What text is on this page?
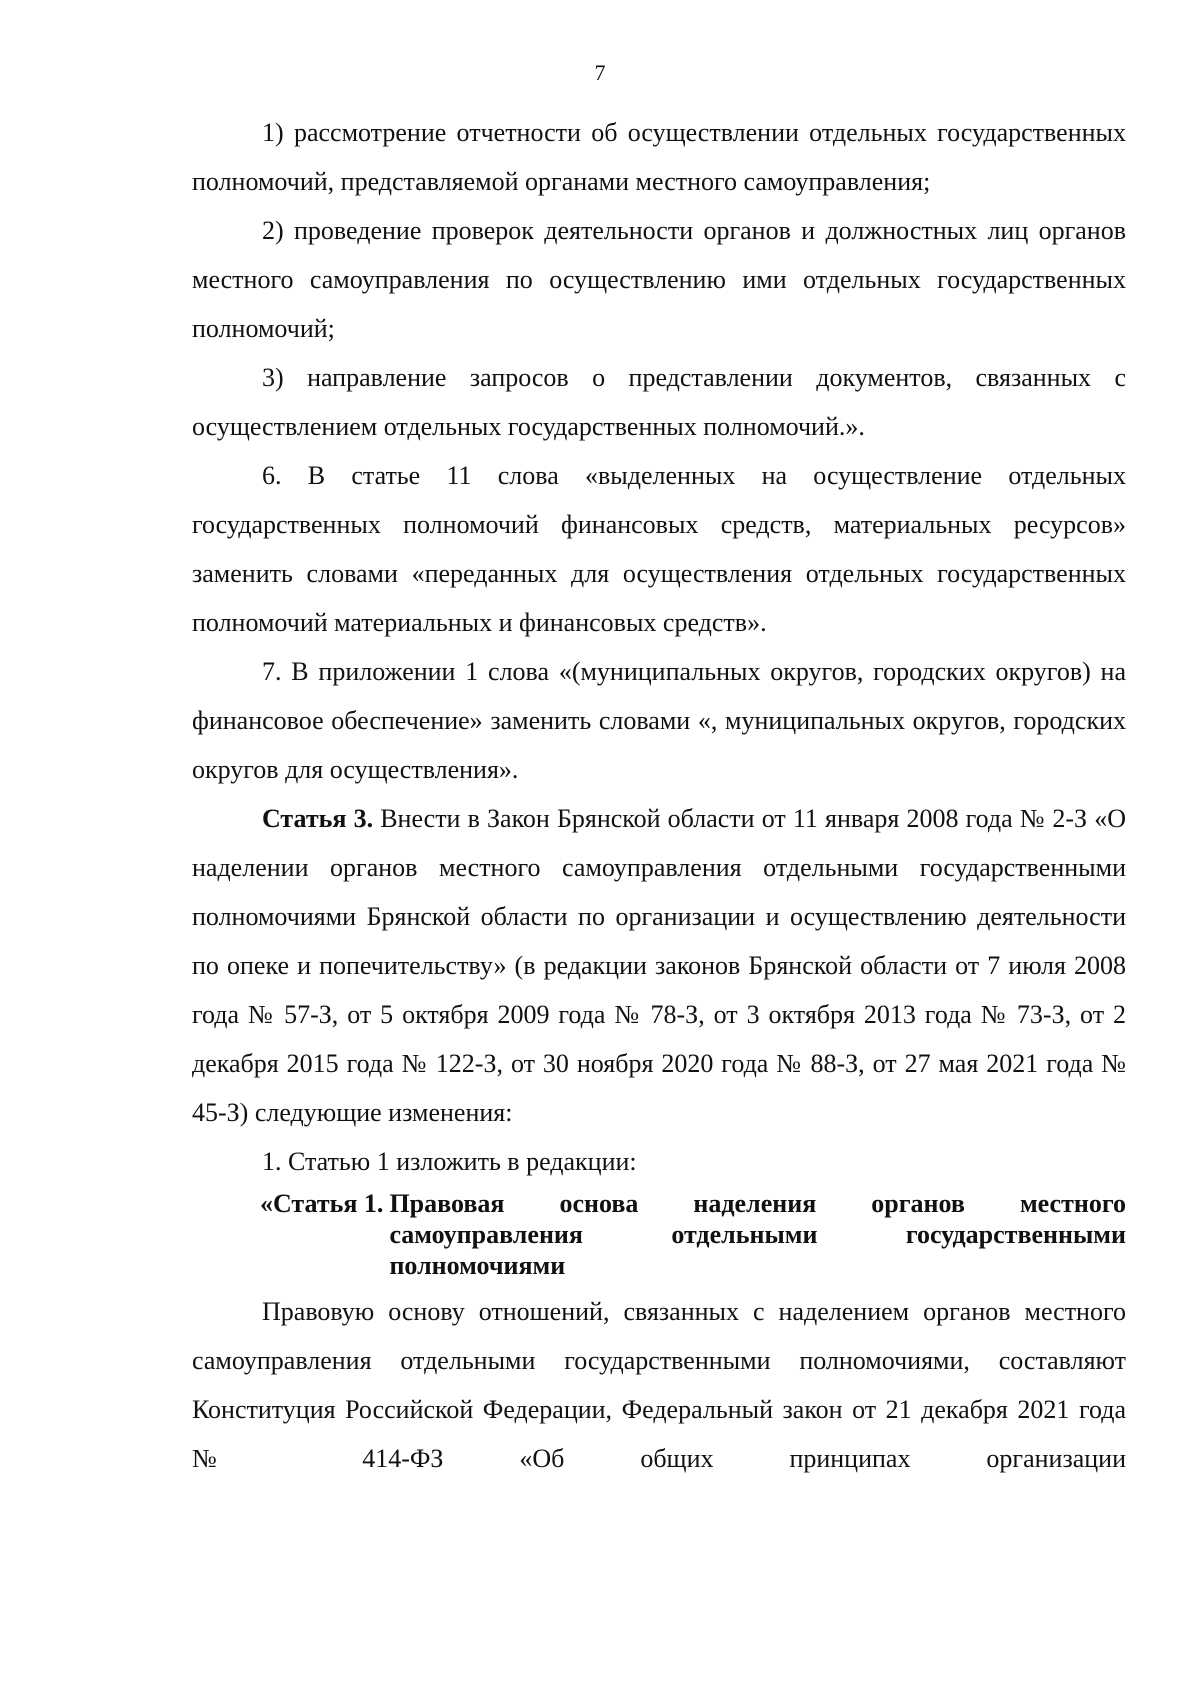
7

1) рассмотрение отчетности об осуществлении отдельных государственных полномочий, представляемой органами местного самоуправления;

2) проведение проверок деятельности органов и должностных лиц органов местного самоуправления по осуществлению ими отдельных государственных полномочий;

3) направление запросов о представлении документов, связанных с осуществлением отдельных государственных полномочий.».

6. В статье 11 слова «выделенных на осуществление отдельных государственных полномочий финансовых средств, материальных ресурсов» заменить словами «переданных для осуществления отдельных государственных полномочий материальных и финансовых средств».

7. В приложении 1 слова «(муниципальных округов, городских округов) на финансовое обеспечение» заменить словами «, муниципальных округов, городских округов для осуществления».

Статья 3. Внести в Закон Брянской области от 11 января 2008 года № 2-З «О наделении органов местного самоуправления отдельными государственными полномочиями Брянской области по организации и осуществлению деятельности по опеке и попечительству» (в редакции законов Брянской области от 7 июля 2008 года № 57-З, от 5 октября 2009 года № 78-З, от 3 октября 2013 года № 73-З, от 2 декабря 2015 года № 122-З, от 30 ноября 2020 года № 88-З, от 27 мая 2021 года № 45-З) следующие изменения:

1. Статью 1 изложить в редакции:

«Статья 1. Правовая основа наделения органов местного самоуправления отдельными государственными полномочиями

Правовую основу отношений, связанных с наделением органов местного самоуправления отдельными государственными полномочиями, составляют Конституция Российской Федерации, Федеральный закон от 21 декабря 2021 года № 414-ФЗ «Об общих принципах организации
